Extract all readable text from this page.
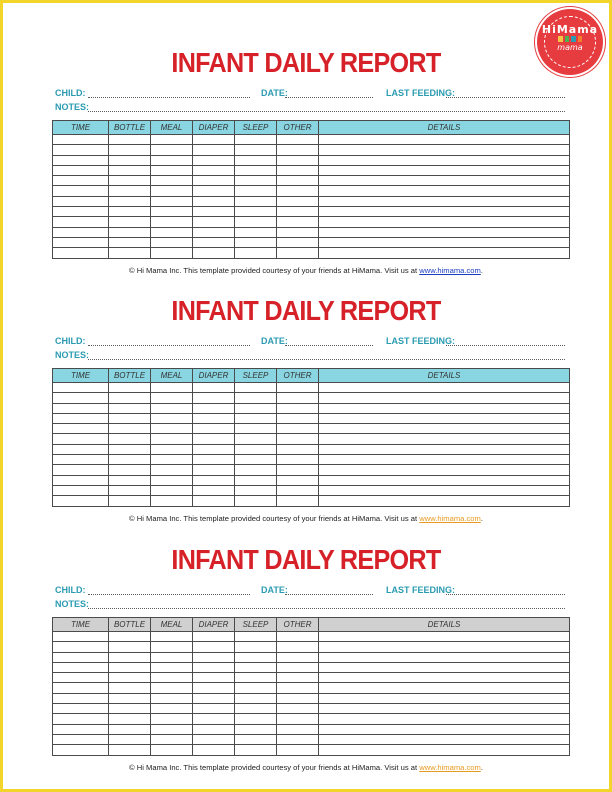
HiMama
mama
INFANT DAILY REPORT
CHILD:	DATE:	LAST FEEDING:
NOTES:
TIME	BOTTLE	MEAL	DIAPER	SLEEP	OTHER	DETAILS

© Hi Mama Inc. This template provided courtesy of your friends at HiMama. Visit us at www.himama.com.
INFANT DAILY REPORT
CHILD:	DATE:	LAST FEEDING:
NOTES:
TIME	BOTTLE	MEAL	DIAPER	SLEEP	OTHER	DETAILS

© Hi Mama Inc. This template provided courtesy of your friends at HiMama. Visit us at www.himama.com.
INFANT DAILY REPORT
CHILD:	DATE:	LAST FEEDING:
NOTES:
TIME	BOTTLE	MEAL	DIAPER	SLEEP	OTHER	DETAILS

© Hi Mama Inc. This template provided courtesy of your friends at HiMama. Visit us at www.himama.com.
